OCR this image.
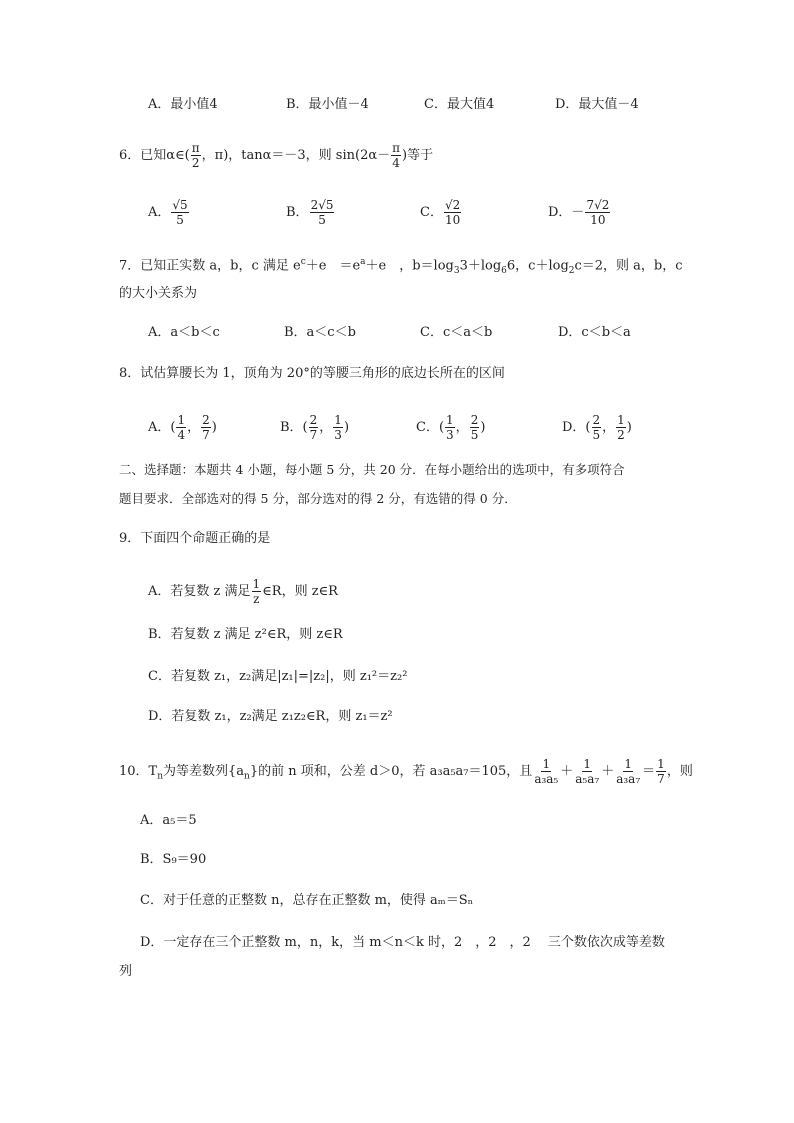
A．最小值4	B．最小值－4	C．最大值4	D．最大值－4
6．已知α∈( $\frac{\pi}{2}$ ，π)，tanα＝－3，则 $\sin(2\alpha- \frac{\pi}{4}$ )等于
A． $\frac{√5}{5}$	B． $\frac{2√5}{5}$	C． $\frac{√2}{10}$	D．－ $\frac{7√2}{10}$
7．已知正实数 a，b，c 满足 $e^c+e$　$=e^a+e$　，$b=\log_33+\log_66$，$c+\log_2c=2$，则 a，b，c
的大小关系为
A．a＜b＜c	B．a＜c＜b	C．c＜a＜b	D．c＜b＜a
8．试估算腰长为 1，顶角为 20°的等腰三角形的底边长所在的区间
A．( $\frac{1}{4}$ ， $\frac{2}{7}$ )	B．( $\frac{2}{7}$ ， $\frac{1}{3}$ )	C．( $\frac{1}{3}$ ， $\frac{2}{5}$ )	D．( $\frac{2}{5}$ ， $\frac{1}{2}$ )
二、选择题：本题共 4 小题，每小题 5 分，共 20 分．在每小题给出的选项中，有多项符合
题目要求．全部选对的得 5 分，部分选对的得 2 分，有选错的得 0 分．
9．下面四个命题正确的是
A．若复数 z 满足 $\frac{1}{z}$ ∈R，则 z∈R
B．若复数 z 满足 z²∈R，则 z∈R
C．若复数 z₁，z₂满足|z₁|=|z₂|，则 z₁²＝z₂²
D．若复数 z₁，z₂满足 z₁z₂∈R，则 z₁＝z²
10．$T_n$为等差数列$\{a_n\}$的前 n 项和，公差 d＞0，若 a₃a₅a₇＝105，且 $\frac{1}{\text{a₃a₅}} + \frac{1}{\text{a₅a₇}} + \frac{1}{\text{a₃a₇}} = \frac{1}{7}$ ，则
A．a₅＝5
B．S₉＝90
C．对于任意的正整数 n，总存在正整数 m，使得 aₘ＝Sₙ
D．一定存在三个正整数 m，n，k，当 m＜n＜k 时，2　，2　，2　 三个数依次成等差数
列
